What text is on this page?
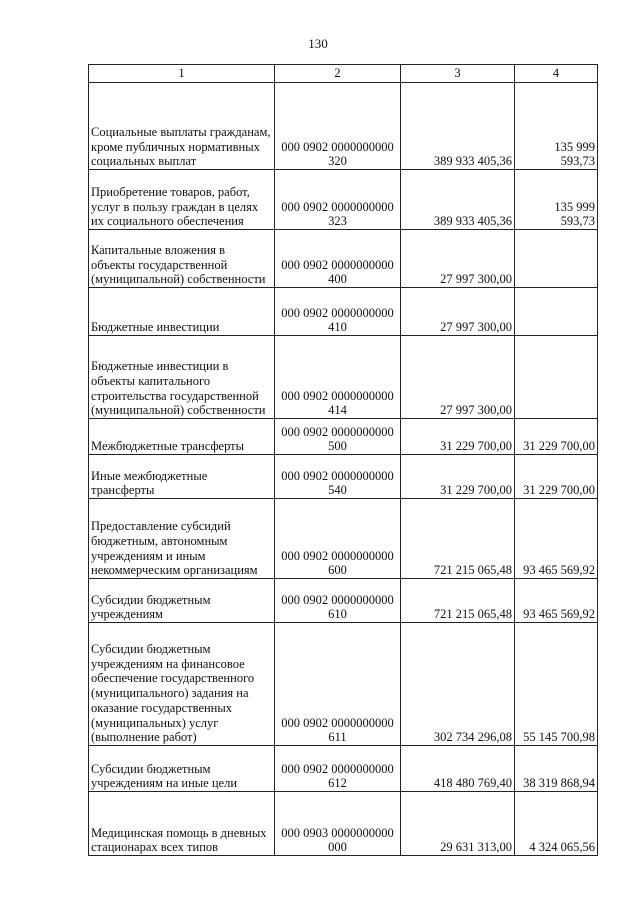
130
1	2	3	4
Социальные выплаты гражданам, кроме публичных нормативных социальных выплат	000 0902 0000000000
320	389 933 405,36	135 999 593,73
Приобретение товаров, работ, услуг в пользу граждан в целях их социального обеспечения	000 0902 0000000000
323	389 933 405,36	135 999 593,73
Капитальные вложения в объекты государственной (муниципальной) собственности	000 0902 0000000000
400	27 997 300,00	
Бюджетные инвестиции	000 0902 0000000000
410	27 997 300,00	
Бюджетные инвестиции в объекты капитального строительства государственной (муниципальной) собственности	000 0902 0000000000
414	27 997 300,00	
Межбюджетные трансферты	000 0902 0000000000
500	31 229 700,00	31 229 700,00
Иные межбюджетные трансферты	000 0902 0000000000
540	31 229 700,00	31 229 700,00
Предоставление субсидий бюджетным, автономным учреждениям и иным некоммерческим организациям	000 0902 0000000000
600	721 215 065,48	93 465 569,92
Субсидии бюджетным учреждениям	000 0902 0000000000
610	721 215 065,48	93 465 569,92
Субсидии бюджетным учреждениям на финансовое обеспечение государственного (муниципального) задания на оказание государственных (муниципальных) услуг (выполнение работ)	000 0902 0000000000
611	302 734 296,08	55 145 700,98
Субсидии бюджетным учреждениям на иные цели	000 0902 0000000000
612	418 480 769,40	38 319 868,94
Медицинская помощь в дневных стационарах всех типов	000 0903 0000000000
000	29 631 313,00	4 324 065,56
